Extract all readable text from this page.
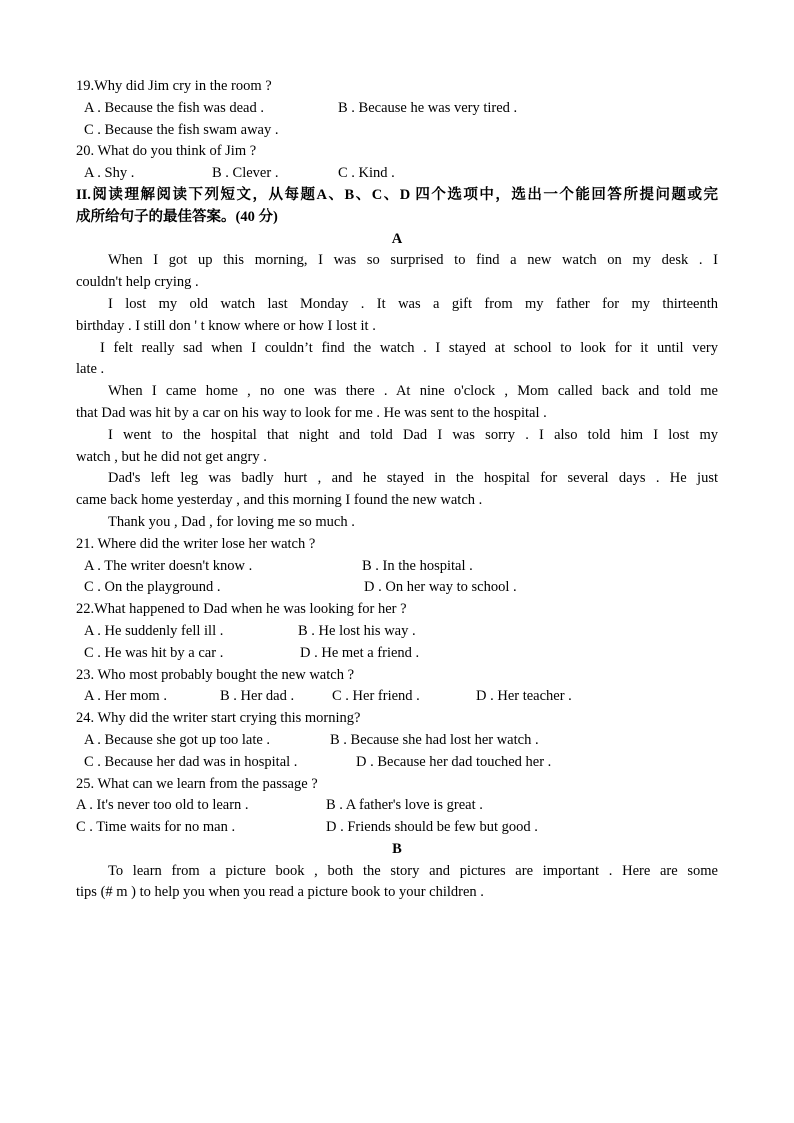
19.Why did Jim cry in the room ?
A . Because the fish was dead .	B . Because he was very tired .
C . Because the fish swam away .
20. What do you think of Jim ?
A . Shy .	B . Clever .	C . Kind .
II.阅读理解阅读下列短文，从每题A、B、C、D 四个选项中，选出一个能回答所提问题或完
成所给句子的最佳答案。(40 分)
A
When I got up this morning, I was so surprised to find a new watch on my desk . I
couldn't help crying .
I lost my old watch last Monday . It was a gift from my father for my thirteenth
birthday . I still don ' t know where or how I lost it .
I felt really sad when I couldn’t find the watch . I stayed at school to look for it until very
late .
When I came home , no one was there . At nine o'clock , Mom called back and told me
that Dad was hit by a car on his way to look for me . He was sent to the hospital .
I went to the hospital that night and told Dad I was sorry . I also told him I lost my
watch , but he did not get angry .
Dad's left leg was badly hurt , and he stayed in the hospital for several days . He just
came back home yesterday , and this morning I found the new watch .
Thank you , Dad , for loving me so much .
21. Where did the writer lose her watch ?
A . The writer doesn't know .	B . In the hospital .
C . On the playground .	D . On her way to school .
22.What happened to Dad when he was looking for her ?
A . He suddenly fell ill .	B . He lost his way .
C . He was hit by a car .	D . He met a friend .
23. Who most probably bought the new watch ?
A . Her mom .	B . Her dad .	C . Her friend .	D . Her teacher .
24. Why did the writer start crying this morning?
A . Because she got up too late .	B . Because she had lost her watch .
C . Because her dad was in hospital .	D . Because her dad touched her .
25. What can we learn from the passage ?
A . It's never too old to learn .	B . A father's love is great .
C . Time waits for no man .	D . Friends should be few but good .
B
To learn from a picture book , both the story and pictures are important . Here are some
tips (# m ) to help you when you read a picture book to your children .
